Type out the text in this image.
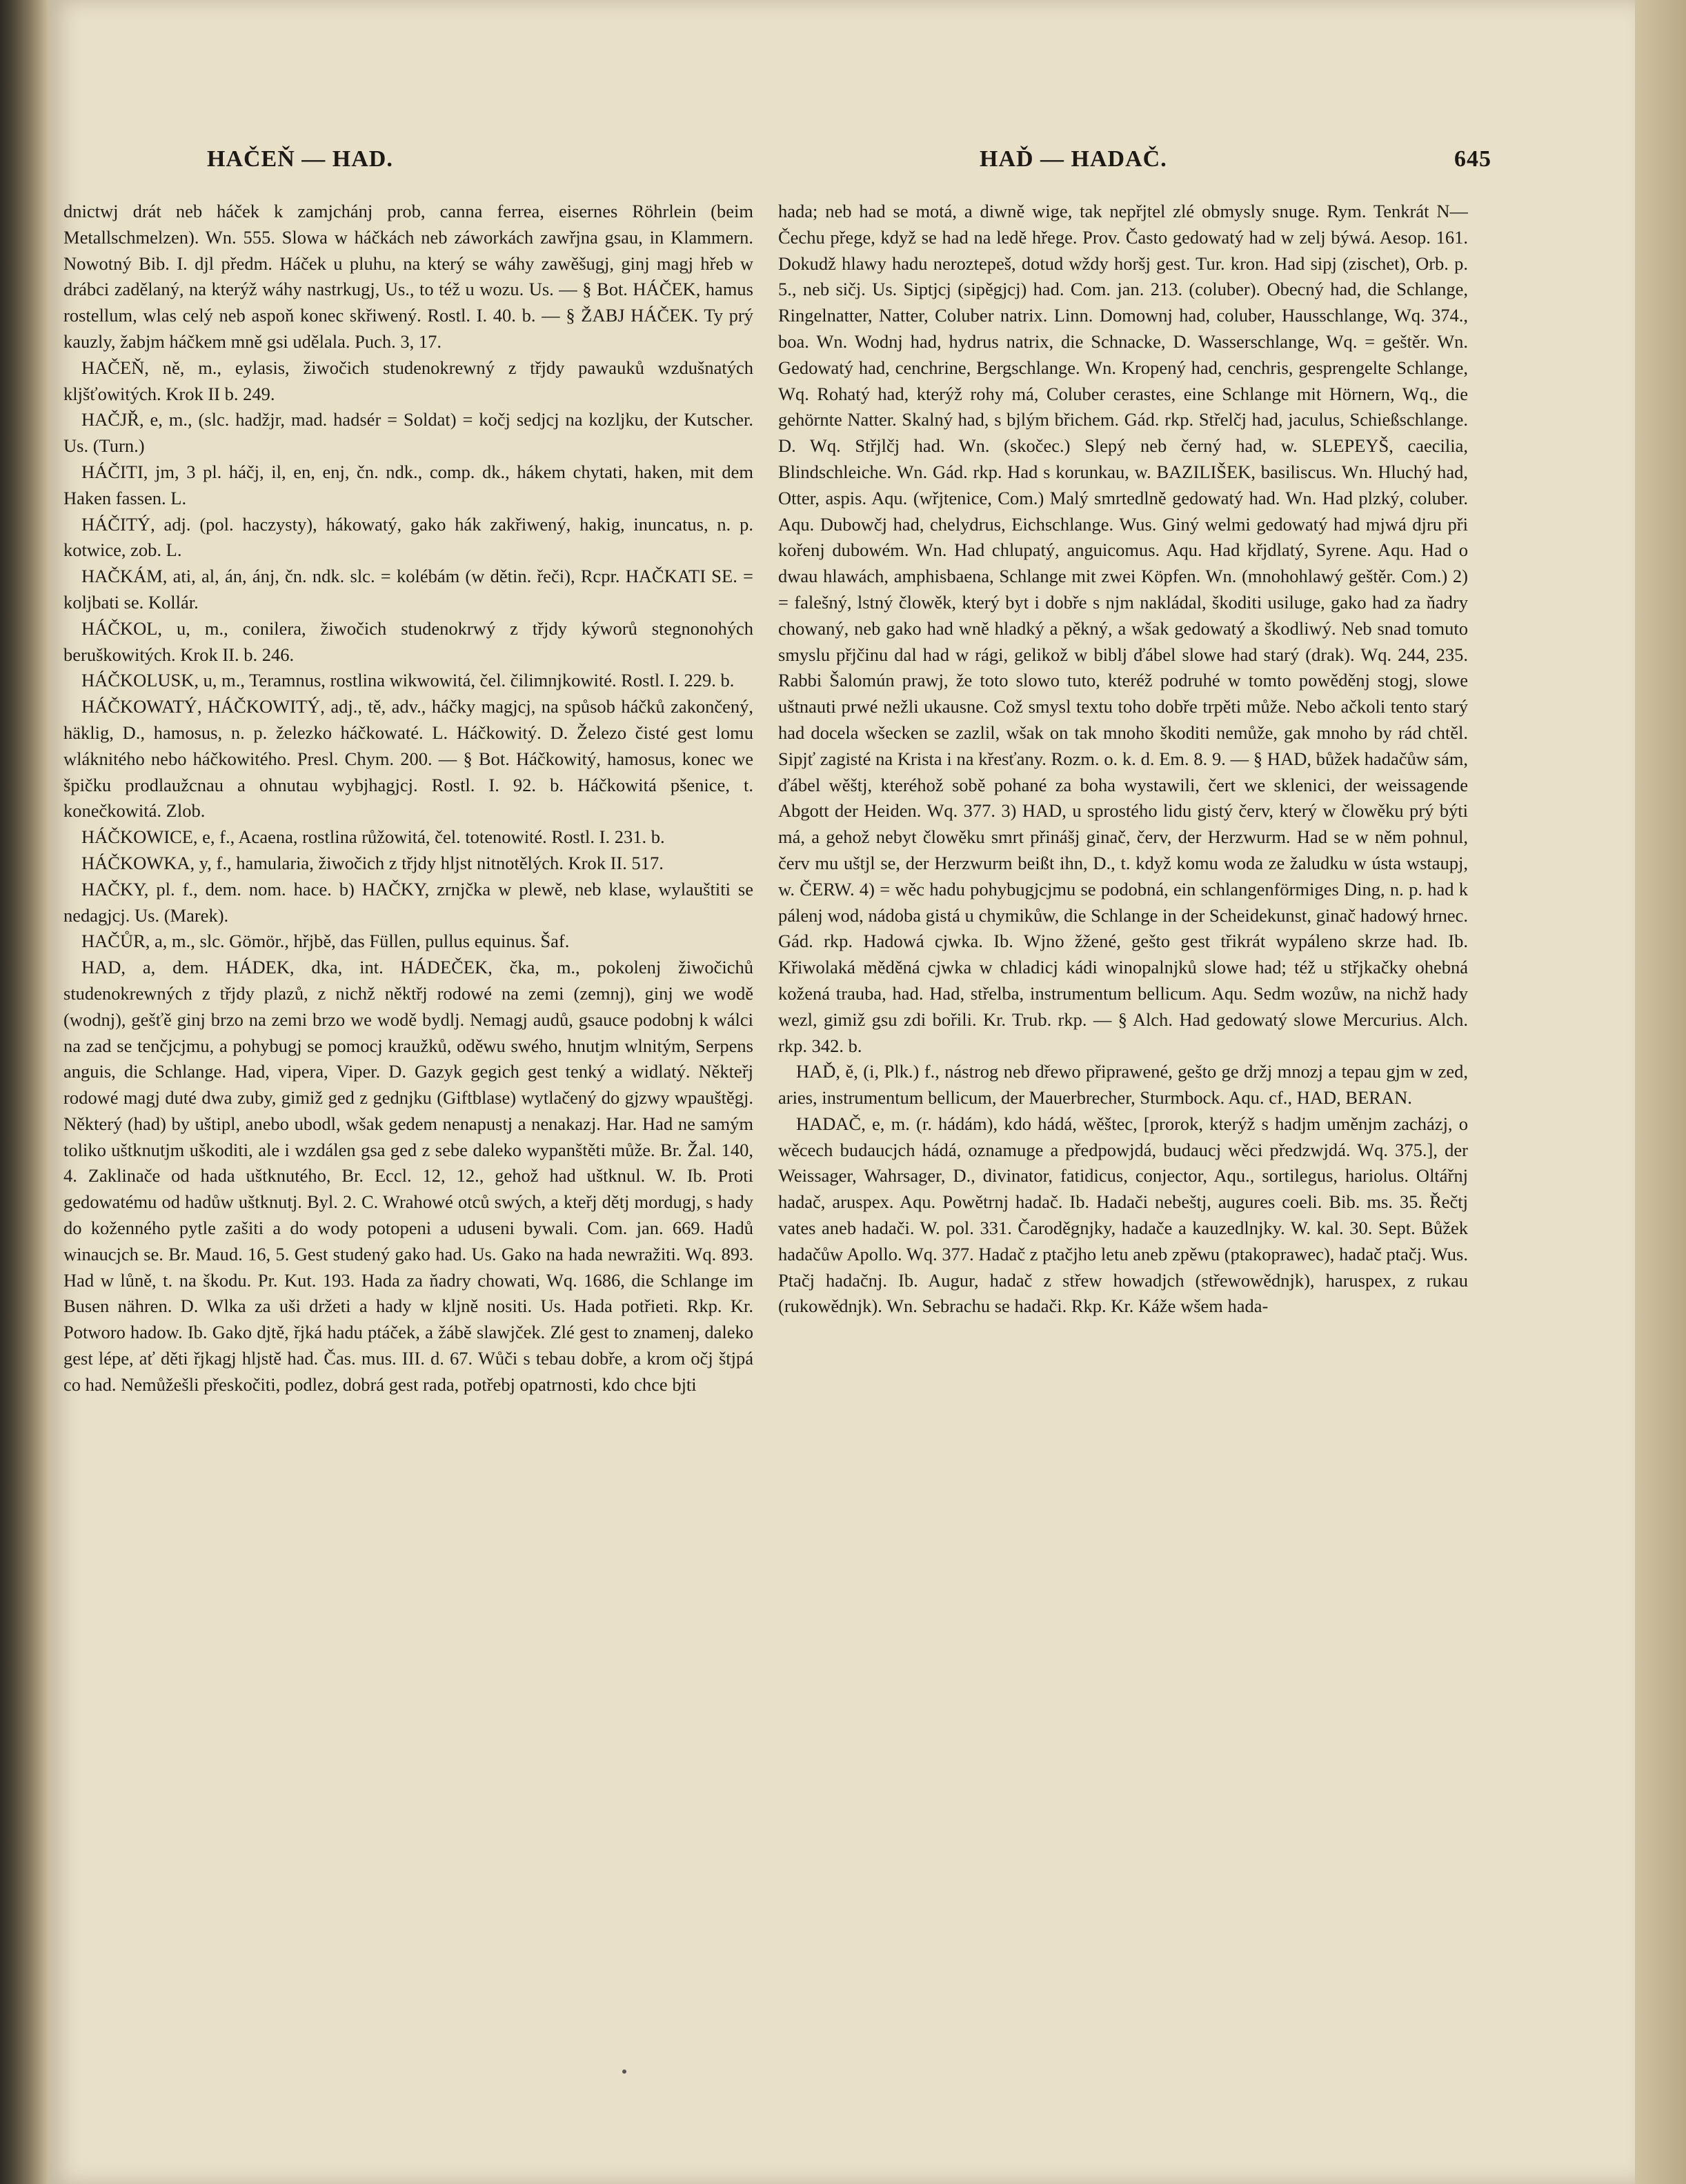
HAČEŇ — HAD.	HAĎ — HADAČ.	645

dnictwj drát neb háček k zamjchánj prob, canna ferrea, eisernes Röhrlein (beim Metallschmelzen). Wn. 555. Slowa w háčkách neb záworkách zawřjna gsau, in Klammern. Nowotný Bib. I. djl předm. Háček u pluhu, na který se wáhy zawěšugj, ginj magj hřeb w drábci zadělaný, na kterýž wáhy nastrkugj, Us., to též u wozu. Us. — § Bot. HÁČEK, hamus rostellum, wlas celý neb aspoň konec skřiwený. Rostl. I. 40. b. — § ŽABJ HÁČEK. Ty prý kauzly, žabjm háčkem mně gsi udělala. Puch. 3, 17.

HAČEŇ, ně, m., eylasis, žiwočich studenokrewný z třjdy pawauků wzdušnatých kljšťowitých. Krok II b. 249.

HAČJŘ, e, m., (slc. hadžjr, mad. hadsér = Soldat) = kočj sedjcj na kozljku, der Kutscher. Us. (Turn.)

HÁČITI, jm, 3 pl. háčj, il, en, enj, čn. ndk., comp. dk., hákem chytati, haken, mit dem Haken fassen. L.

HÁČITÝ, adj. (pol. haczysty), hákowatý, gako hák zakřiwený, hakig, inuncatus, n. p. kotwice, zob. L.

HAČKÁM, ati, al, án, ánj, čn. ndk. slc. = kolébám (w dětin. řeči), Rcpr. HAČKATI SE. = koljbati se. Kollár.

HÁČKOL, u, m., conilera, žiwočich studenokrwý z třjdy kýworů stegnonohých beruškowitých. Krok II. b. 246.

HÁČKOLUSK, u, m., Teramnus, rostlina wikwowitá, čel. čilimnjkowité. Rostl. I. 229. b.

HÁČKOWATÝ, HÁČKOWITÝ, adj., tě, adv., háčky magjcj, na spůsob háčků zakončený, häklig, D., hamosus, n. p. železko háčkowaté. L. Háčkowitý. D. Železo čisté gest lomu wláknitého nebo háčkowitého. Presl. Chym. 200. — § Bot. Háčkowitý, hamosus, konec we špičku prodlaužcnau a ohnutau wybjhagjcj. Rostl. I. 92. b. Háčkowitá pšenice, t. konečkowitá. Zlob.

HÁČKOWICE, e, f., Acaena, rostlina růžowitá, čel. totenowité. Rostl. I. 231. b.

HÁČKOWKA, y, f., hamularia, žiwočich z třjdy hljst nitnotělých. Krok II. 517.

HAČKY, pl. f., dem. nom. hace. b) HAČKY, zrnjčka w plewě, neb klase, wylauštiti se nedagjcj. Us. (Marek).

HAČŮR, a, m., slc. Gömör., hřjbě, das Füllen, pullus equinus. Šaf.

HAD, a, dem. HÁDEK, dka, int. HÁDEČEK, čka, m., pokolenj žiwočichů studenokrewných z třjdy plazů, z nichž něktřj rodowé na zemi (zemnj), ginj we wodě (wodnj), gešťě ginj brzo na zemi brzo we wodě bydlj. Nemagj audů, gsauce podobnj k wálci na zad se tenčjcjmu, a pohybugj se pomocj kraužků, oděwu swého, hnutjm wlnitým, Serpens anguis, die Schlange. Had, vipera, Viper. D. Gazyk gegich gest tenký a widlatý. Někteřj rodowé magj duté dwa zuby, gimiž ged z gednjku (Giftblase) wytlačený do gjzwy wpauštěgj. Některý (had) by uštipl, anebo ubodl, wšak gedem nenapustj a nenakazj. Har. Had ne samým toliko uštknutjm uškoditi, ale i wzdálen gsa ged z sebe daleko wypanštěti může. Br. Žal. 140, 4. Zaklinače od hada uštknutého, Br. Eccl. 12, 12., gehož had uštknul. W. Ib. Proti gedowatému od hadůw uštknutj. Byl. 2. C. Wrahowé otců swých, a kteřj dětj mordugj, s hady do koženného pytle zašiti a do wody potopeni a uduseni bywali. Com. jan. 669. Hadů winaucjch se. Br. Maud. 16, 5. Gest studený gako had. Us. Gako na hada newražiti. Wq. 893. Had w lůně, t. na škodu. Pr. Kut. 193. Hada za ňadry chowati, Wq. 1686, die Schlange im Busen nähren. D. Wlka za uši držeti a hady w kljně nositi. Us. Hada potřieti. Rkp. Kr. Potworo hadow. Ib. Gako djtě, řjká hadu ptáček, a žábě slawjček. Zlé gest to znamenj, daleko gest lépe, ať děti řjkagj hljstě had. Čas. mus. III. d. 67. Wůči s tebau dobře, a krom očj štjpá co had. Nemůžešli přeskočiti, podlez, dobrá gest rada, potřebj opatrnosti, kdo chce bjti

hada; neb had se motá, a diwně wige, tak nepřjtel zlé obmysly snuge. Rym. Tenkrát N— Čechu přege, když se had na ledě hřege. Prov. Často gedowatý had w zelj býwá. Aesop. 161. Dokudž hlawy hadu neroztepeš, dotud wždy horšj gest. Tur. kron. Had sipj (zischet), Orb. p. 5., neb sičj. Us. Siptjcj (sipěgjcj) had. Com. jan. 213. (coluber). Obecný had, die Schlange, Ringelnatter, Natter, Coluber natrix. Linn. Domownj had, coluber, Hausschlange, Wq. 374., boa. Wn. Wodnj had, hydrus natrix, die Schnacke, D. Wasserschlange, Wq. = geštěr. Wn. Gedowatý had, cenchrine, Bergschlange. Wn. Kropený had, cenchris, gesprengelte Schlange, Wq. Rohatý had, kterýž rohy má, Coluber cerastes, eine Schlange mit Hörnern, Wq., die gehörnte Natter. Skalný had, s bjlým břichem. Gád. rkp. Střelčj had, jaculus, Schießschlange. D. Wq. Střjlčj had. Wn. (skočec.) Slepý neb černý had, w. SLEPEYŠ, caecilia, Blindschleiche. Wn. Gád. rkp. Had s korunkau, w. BAZILIŠEK, basiliscus. Wn. Hluchý had, Otter, aspis. Aqu. (wřjtenice, Com.) Malý smrtedlně gedowatý had. Wn. Had plzký, coluber. Aqu. Dubowčj had, chelydrus, Eichschlange. Wus. Giný welmi gedowatý had mjwá djru při kořenj dubowém. Wn. Had chlupatý, anguicomus. Aqu. Had křjdlatý, Syrene. Aqu. Had o dwau hlawách, amphisbaena, Schlange mit zwei Köpfen. Wn. (mnohohlawý geštěr. Com.) 2) = falešný, lstný člowěk, který byt i dobře s njm nakládal, škoditi usiluge, gako had za ňadry chowaný, neb gako had wně hladký a pěkný, a wšak gedowatý a škodliwý. Neb snad tomuto smyslu přjčinu dal had w rági, gelikož w biblj ďábel slowe had starý (drak). Wq. 244, 235. Rabbi Šalomún prawj, že toto slowo tuto, kteréž podruhé w tomto powěděnj stogj, slowe uštnauti prwé nežli ukausne. Což smysl textu toho dobře trpěti může. Nebo ačkoli tento starý had docela wšecken se zazlil, wšak on tak mnoho škoditi nemůže, gak mnoho by rád chtěl. Sipjť zagisté na Krista i na křesťany. Rozm. o. k. d. Em. 8. 9. — § HAD, bůžek hadačůw sám, ďábel wěštj, kteréhož sobě pohané za boha wystawili, čert we sklenici, der weissagende Abgott der Heiden. Wq. 377. 3) HAD, u sprostého lidu gistý červ, který w člowěku prý býti má, a gehož nebyt člowěku smrt přinášj ginač, červ, der Herzwurm. Had se w něm pohnul, červ mu uštjl se, der Herzwurm beißt ihn, D., t. když komu woda ze žaludku w ústa wstaupj, w. ČERW. 4) = wěc hadu pohybugjcjmu se podobná, ein schlangenförmiges Ding, n. p. had k pálenj wod, nádoba gistá u chymikůw, die Schlange in der Scheidekunst, ginač hadowý hrnec. Gád. rkp. Hadowá cjwka. Ib. Wjno žžené, gešto gest třikrát wypáleno skrze had. Ib. Křiwolaká měděná cjwka w chladicj kádi winopalnjků slowe had; též u střjkačky ohebná kožená trauba, had. Had, střelba, instrumentum bellicum. Aqu. Sedm wozůw, na nichž hady wezl, gimiž gsu zdi bořili. Kr. Trub. rkp. — § Alch. Had gedowatý slowe Mercurius. Alch. rkp. 342. b.

HAĎ, ě, (i, Plk.) f., nástrog neb dřewo připrawené, gešto ge držj mnozj a tepau gjm w zed, aries, instrumentum bellicum, der Mauerbrecher, Sturmbock. Aqu. cf., HAD, BERAN.

HADAČ, e, m. (r. hádám), kdo hádá, wěštec, [prorok, kterýž s hadjm uměnjm zacházj, o wěcech budaucjch hádá, oznamuge a předpowjdá, budaucj wěci předzwjdá. Wq. 375.], der Weissager, Wahrsager, D., divinator, fatidicus, conjector, Aqu., sortilegus, hariolus. Oltářnj hadač, aruspex. Aqu. Powětrnj hadač. Ib. Hadači nebeštj, augures coeli. Bib. ms. 35. Řečtj vates aneb hadači. W. pol. 331. Čaroděgnjky, hadače a kauzedlnjky. W. kal. 30. Sept. Bůžek hadačůw Apollo. Wq. 377. Hadač z ptačjho letu aneb zpěwu (ptakoprawec), hadač ptačj. Wus. Ptačj hadačnj. Ib. Augur, hadač z střew howadjch (střewowědnjk), haruspex, z rukau (rukowědnjk). Wn. Sebrachu se hadači. Rkp. Kr. Káže wšem hada-
